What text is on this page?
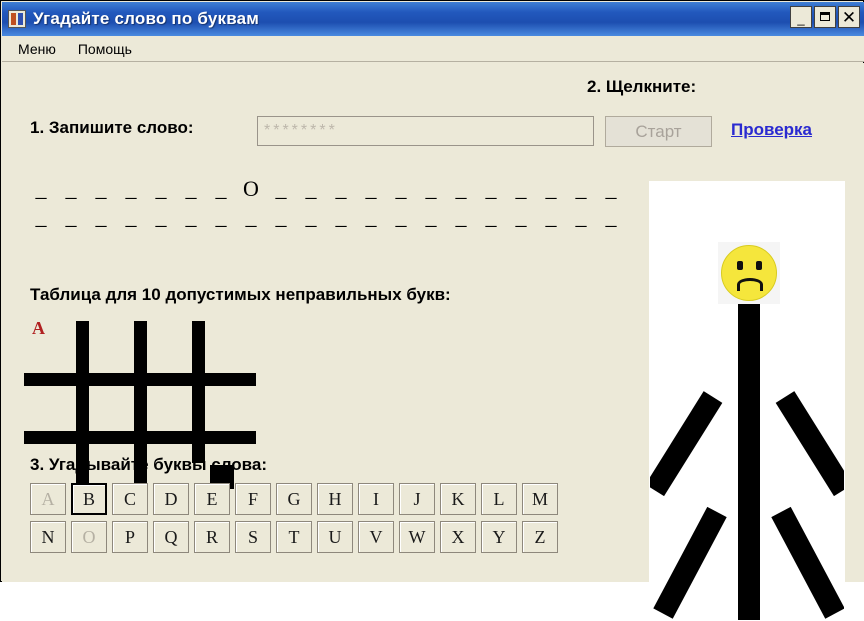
Угадайте слово по буквам	_	✕
Меню Помощь
2. Щелкните:
1. Запишите слово:
********	Старт	Проверка
_
_
_
_
_
_
_
O
_
_
_
_
_
_
_
_
_
_
_
_
_
_
_
_
_
_
_
_
_
_
_
_
_
_
_
_
_
_
_
_
Таблица для 10 допустимых неправильных букв:
А
3. Угадывайте буквы слова:
A	B	C	D	E	F	G	H	I	J	K	L	M
N	O	P	Q	R	S	T	U	V	W	X	Y	Z
